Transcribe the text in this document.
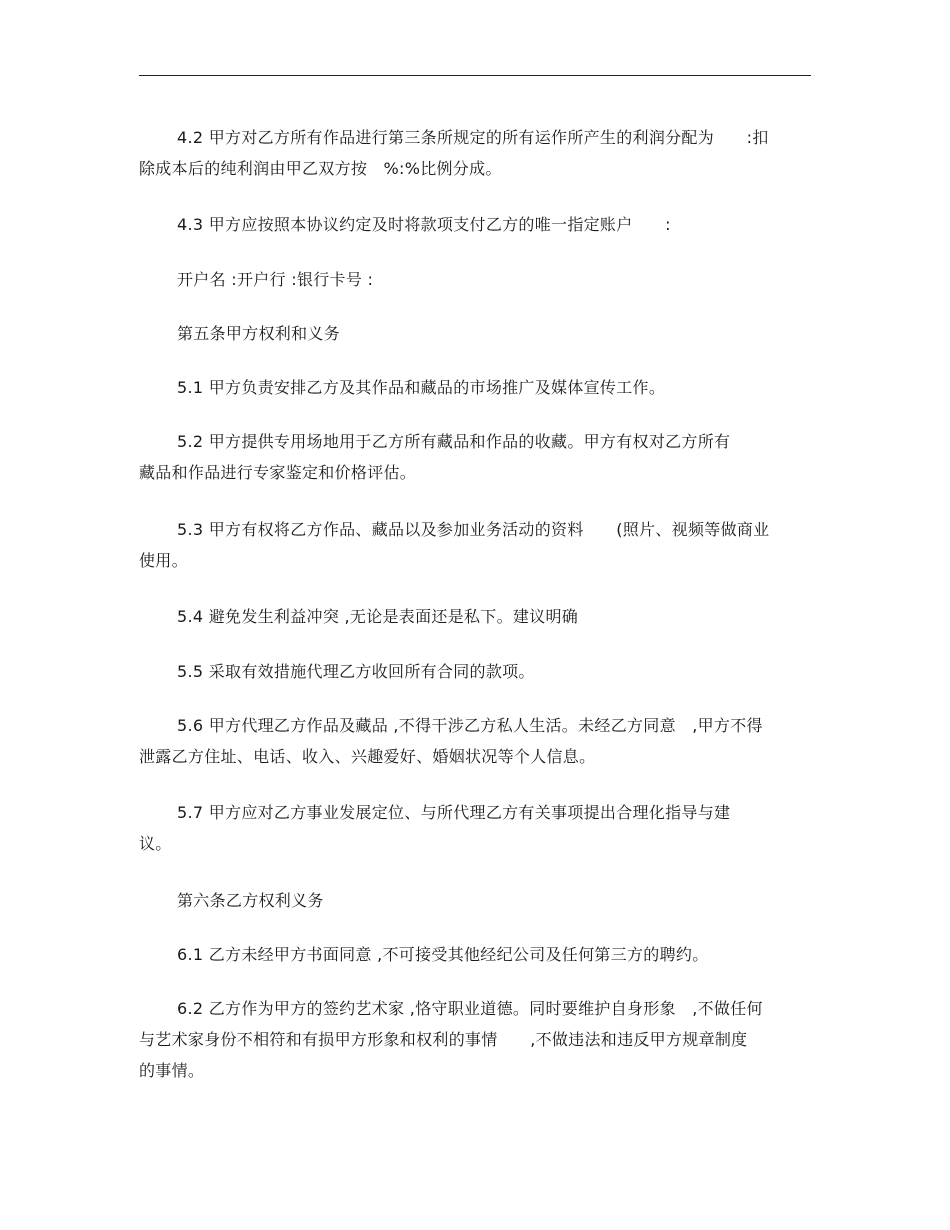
4.2 甲方对乙方所有作品进行第三条所规定的所有运作所产生的利润分配为　　:扣
除成本后的纯利润由甲乙双方按　%:%比例分成。
4.3 甲方应按照本协议约定及时将款项支付乙方的唯一指定账户　　:
开户名 :开户行 :银行卡号 :
第五条甲方权利和义务
5.1 甲方负责安排乙方及其作品和藏品的市场推广及媒体宣传工作。
5.2 甲方提供专用场地用于乙方所有藏品和作品的收藏。甲方有权对乙方所有
藏品和作品进行专家鉴定和价格评估。
5.3 甲方有权将乙方作品、藏品以及参加业务活动的资料　　(照片、视频等做商业
使用。
5.4 避免发生利益冲突 ,无论是表面还是私下。建议明确
5.5 采取有效措施代理乙方收回所有合同的款项。
5.6 甲方代理乙方作品及藏品 ,不得干涉乙方私人生活。未经乙方同意　,甲方不得
泄露乙方住址、电话、收入、兴趣爱好、婚姻状况等个人信息。
5.7 甲方应对乙方事业发展定位、与所代理乙方有关事项提出合理化指导与建
议。
第六条乙方权利义务
6.1 乙方未经甲方书面同意 ,不可接受其他经纪公司及任何第三方的聘约。
6.2 乙方作为甲方的签约艺术家 ,恪守职业道德。同时要维护自身形象　,不做任何
与艺术家身份不相符和有损甲方形象和权利的事情　　,不做违法和违反甲方规章制度
的事情。
